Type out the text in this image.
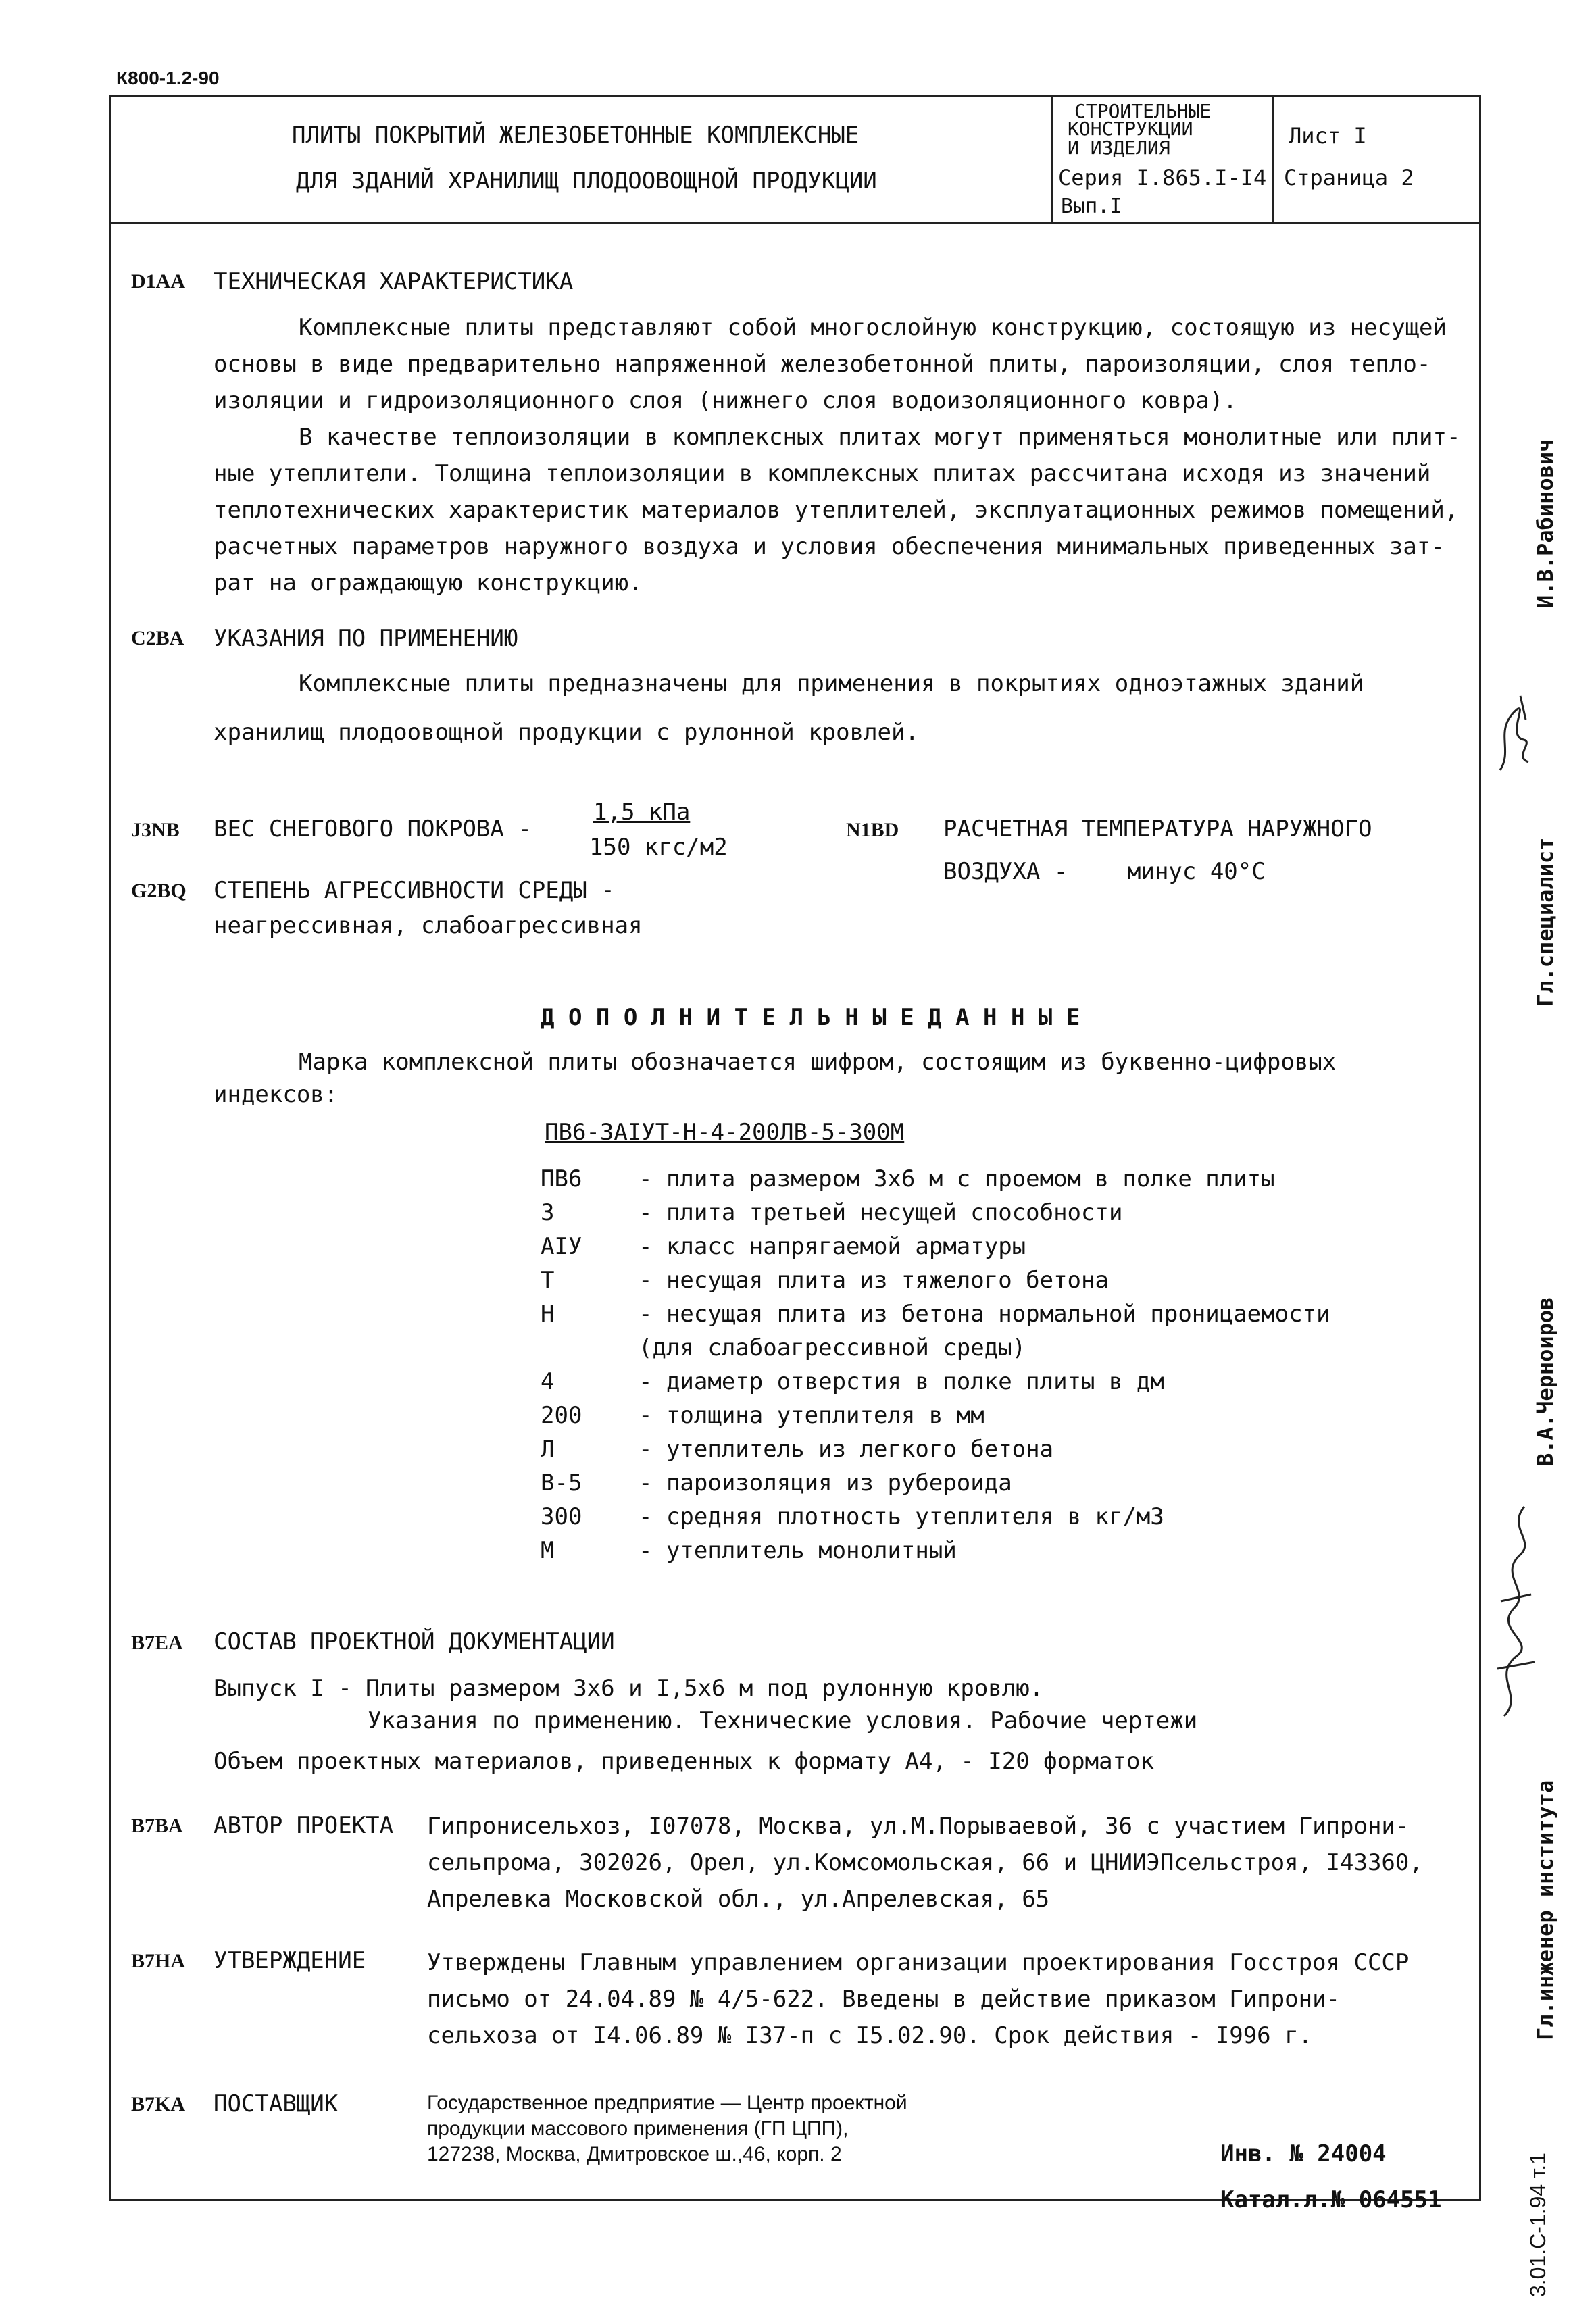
К800-1.2-90
ПЛИТЫ ПОКРЫТИЙ ЖЕЛЕЗОБЕТОННЫЕ КОМПЛЕКСНЫЕ
ДЛЯ ЗДАНИЙ ХРАНИЛИЩ ПЛОДООВОЩНОЙ ПРОДУКЦИИ
СТРОИТЕЛЬНЫЕ
КОНСТРУКЦИИ
И ИЗДЕЛИЯ
Серия I.865.I-I4
Вып.I
Лист I
Страница 2
D1AA ТЕХНИЧЕСКАЯ ХАРАКТЕРИСТИКА
Комплексные плиты представляют собой многослойную конструкцию, состоящую из несущей
основы в виде предварительно напряженной железобетонной плиты, пароизоляции, слоя тепло-
изоляции и гидроизоляционного слоя (нижнего слоя водоизоляционного ковра).
В качестве теплоизоляции в комплексных плитах могут применяться монолитные или плит-
ные утеплители. Толщина теплоизоляции в комплексных плитах рассчитана исходя из значений
теплотехнических характеристик материалов утеплителей, эксплуатационных режимов помещений,
расчетных параметров наружного воздуха и условия обеспечения минимальных приведенных зат-
рат на ограждающую конструкцию.
C2BA УКАЗАНИЯ ПО ПРИМЕНЕНИЮ
Комплексные плиты предназначены для применения в покрытиях одноэтажных зданий
хранилищ плодоовощной продукции с рулонной кровлей.
J3NB ВЕС СНЕГОВОГО ПОКРОВА -
1,5 кПа
150 кгс/м2
N1BD РАСЧЕТНАЯ ТЕМПЕРАТУРА НАРУЖНОГО
ВОЗДУХА -	минус 40°С
G2BQ СТЕПЕНЬ АГРЕССИВНОСТИ СРЕДЫ -
неагрессивная, слабоагрессивная
Д О П О Л Н И Т Е Л Ь Н Ы Е Д А Н Н Ы Е
Марка комплексной плиты обозначается шифром, состоящим из буквенно-цифровых
индексов:
ПВ6-3АIУТ-Н-4-200ЛВ-5-300М
ПВ6 - плита размером 3х6 м с проемом в полке плиты
3	- плита третьей несущей способности
АIУ - класс напрягаемой арматуры
Т	- несущая плита из тяжелого бетона
Н	- несущая плита из бетона нормальной проницаемости
(для слабоагрессивной среды)
4	- диаметр отверстия в полке плиты в дм
200 - толщина утеплителя в мм
Л	- утеплитель из легкого бетона
В-5 - пароизоляция из рубероида
300 - средняя плотность утеплителя в кг/м3
М	- утеплитель монолитный
B7EA СОСТАВ ПРОЕКТНОЙ ДОКУМЕНТАЦИИ
Выпуск I - Плиты размером 3х6 и I,5х6 м под рулонную кровлю.
Указания по применению. Технические условия. Рабочие чертежи
Объем проектных материалов, приведенных к формату А4, - I20 форматок
B7BA АВТОР ПРОЕКТА Гипронисельхоз, I07078, Москва, ул.М.Порываевой, 36 с участием Гипрони-
сельпрома, 302026, Орел, ул.Комсомольская, 66 и ЦНИИЭПсельстроя, I43360,
Апрелевка Московской обл., ул.Апрелевская, 65
B7HA УТВЕРЖДЕНИЕ	Утверждены Главным управлением организации проектирования Госстроя СССР
письмо от 24.04.89 № 4/5-622. Введены в действие приказом Гипрони-
сельхоза от I4.06.89 № I37-п с I5.02.90. Срок действия - I996 г.
B7KA ПОСТАВЩИК	Государственное предприятие — Центр проектной
продукции массового применения (ГП ЦПП),
127238, Москва, Дмитровское ш.,46, корп. 2	Инв. № 24004
Катал.л.№ 064551
И.В.Рабинович
Гл.специалист
В.А.Черноиров
Гл.инженер института
3.01.С-1.94 т.1
